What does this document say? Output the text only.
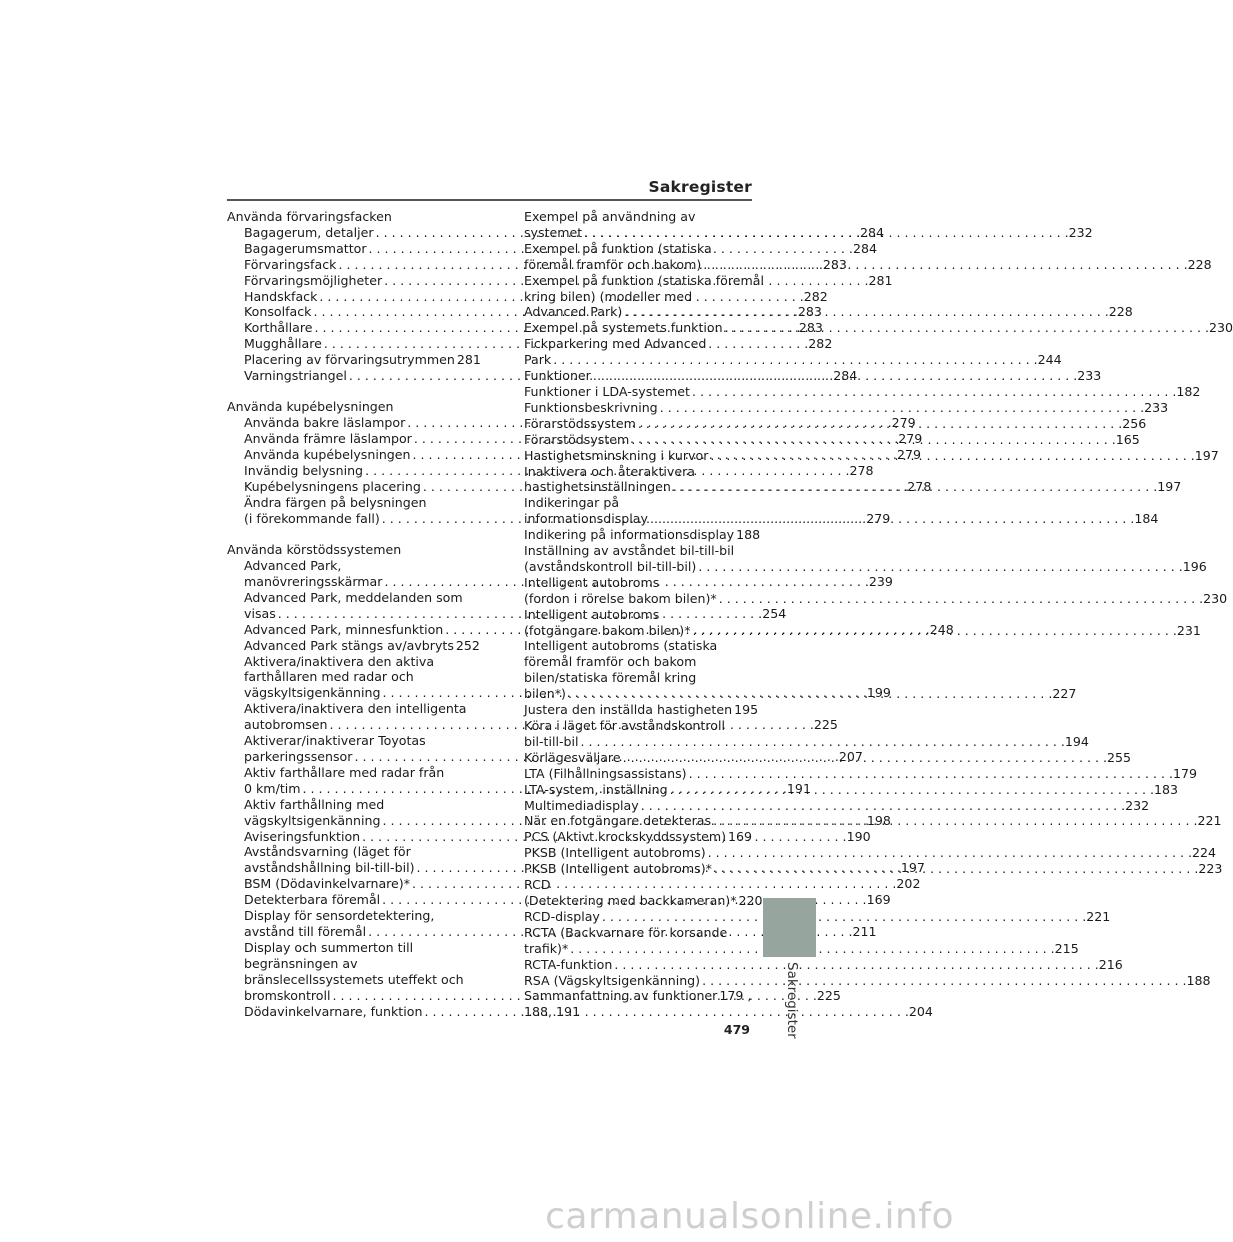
Sakregister
Använda förvaringsfacken
Bagagerum, detaljer . . .	284
Bagagerumsmattor . . .	284
Förvaringsfack . . .	283
Förvaringsmöjligheter . . .	281
Handskfack . . .	282
Konsolfack . . .	283
Korthållare . . .	283
Mugghållare . . .	282
Placering av förvaringsutrymmen . . . 281
Varningstriangel . . .	284
Använda kupébelysningen
Använda bakre läslampor . . .	279
Använda främre läslampor . . .	279
Använda kupébelysningen . . .	279
Invändig belysning . . .	278
Kupébelysningens placering . . .	278
Ändra färgen på belysningen
(i förekommande fall) . . .	279
Använda körstödssystemen
Advanced Park,
manövreringsskärmar . . .	239
Advanced Park, meddelanden som
visas . . .	254
Advanced Park, minnesfunktion . . .	248
Advanced Park stängs av/avbryts . . . 252
Aktivera/inaktivera den aktiva
farthållaren med radar och
vägskyltsigenkänning . . .	199
Aktivera/inaktivera den intelligenta
autobromsen . . .	225
Aktiverar/inaktiverar Toyotas
parkeringssensor . . .	207
Aktiv farthållare med radar från
0 km/tim . . .	191
Aktiv farthållning med
vägskyltsigenkänning . . .	198
Aviseringsfunktion . . .	190
Avståndsvarning (läget för
avståndshållning bil-till-bil) . . .	197
BSM (Dödavinkelvarnare)* . . .	202
Detekterbara föremål . . .	169
Display för sensordetektering,
avstånd till föremål . . .	211
Display och summerton till
begränsningen av
bränslecellssystemets uteffekt och
bromskontroll . . .	225
Dödavinkelvarnare, funktion . . .	204
Exempel på användning av
systemet . . .	232
Exempel på funktion (statiska
föremål framför och bakom) . . .	228
Exempel på funktion (statiska föremål
kring bilen) (modeller med
Advanced Park) . . .	228
Exempel på systemets funktion . . .	230
Fickparkering med Advanced
Park . . .	244
Funktioner . . .	233
Funktioner i LDA-systemet . . .	182
Funktionsbeskrivning . . .	233
Förarstödssystem . . .	256
Förarstödsystem . . .	165
Hastighetsminskning i kurvor . . .	197
Inaktivera och återaktivera
hastighetsinställningen . . .	197
Indikeringar på
informationsdisplay . . .	184
Indikering på informationsdisplay . . . 188
Inställning av avståndet bil-till-bil
(avståndskontroll bil-till-bil) . . .	196
Intelligent autobroms
(fordon i rörelse bakom bilen)* . . .	230
Intelligent autobroms
(fotgängare bakom bilen)* . . .	231
Intelligent autobroms (statiska
föremål framför och bakom
bilen/statiska föremål kring
bilen*) . . .	227
Justera den inställda hastigheten . . . 195
Köra i läget för avståndskontroll
bil-till-bil . . .	194
Körlägesväljare . . .	255
LTA (Filhållningsassistans) . . .	179
LTA-system, inställning . . .	183
Multimediadisplay . . .	232
När en fotgängare detekteras . . .	221
PCS (Aktivt krockskyddssystem) . . . 169
PKSB (Intelligent autobroms) . . .	224
PKSB (Intelligent autobroms)* . . .	223
RCD
(Detektering med backkameran)* . . . 220
RCD-display . . .	221
RCTA (Backvarnare för korsande
trafik)* . . .	215
RCTA-funktion . . .	216
RSA (Vägskyltsigenkänning) . . .	188
Sammanfattning av funktioner . . . 179 ,
188, 191	Sakregister
479
carmanualsonline.info
